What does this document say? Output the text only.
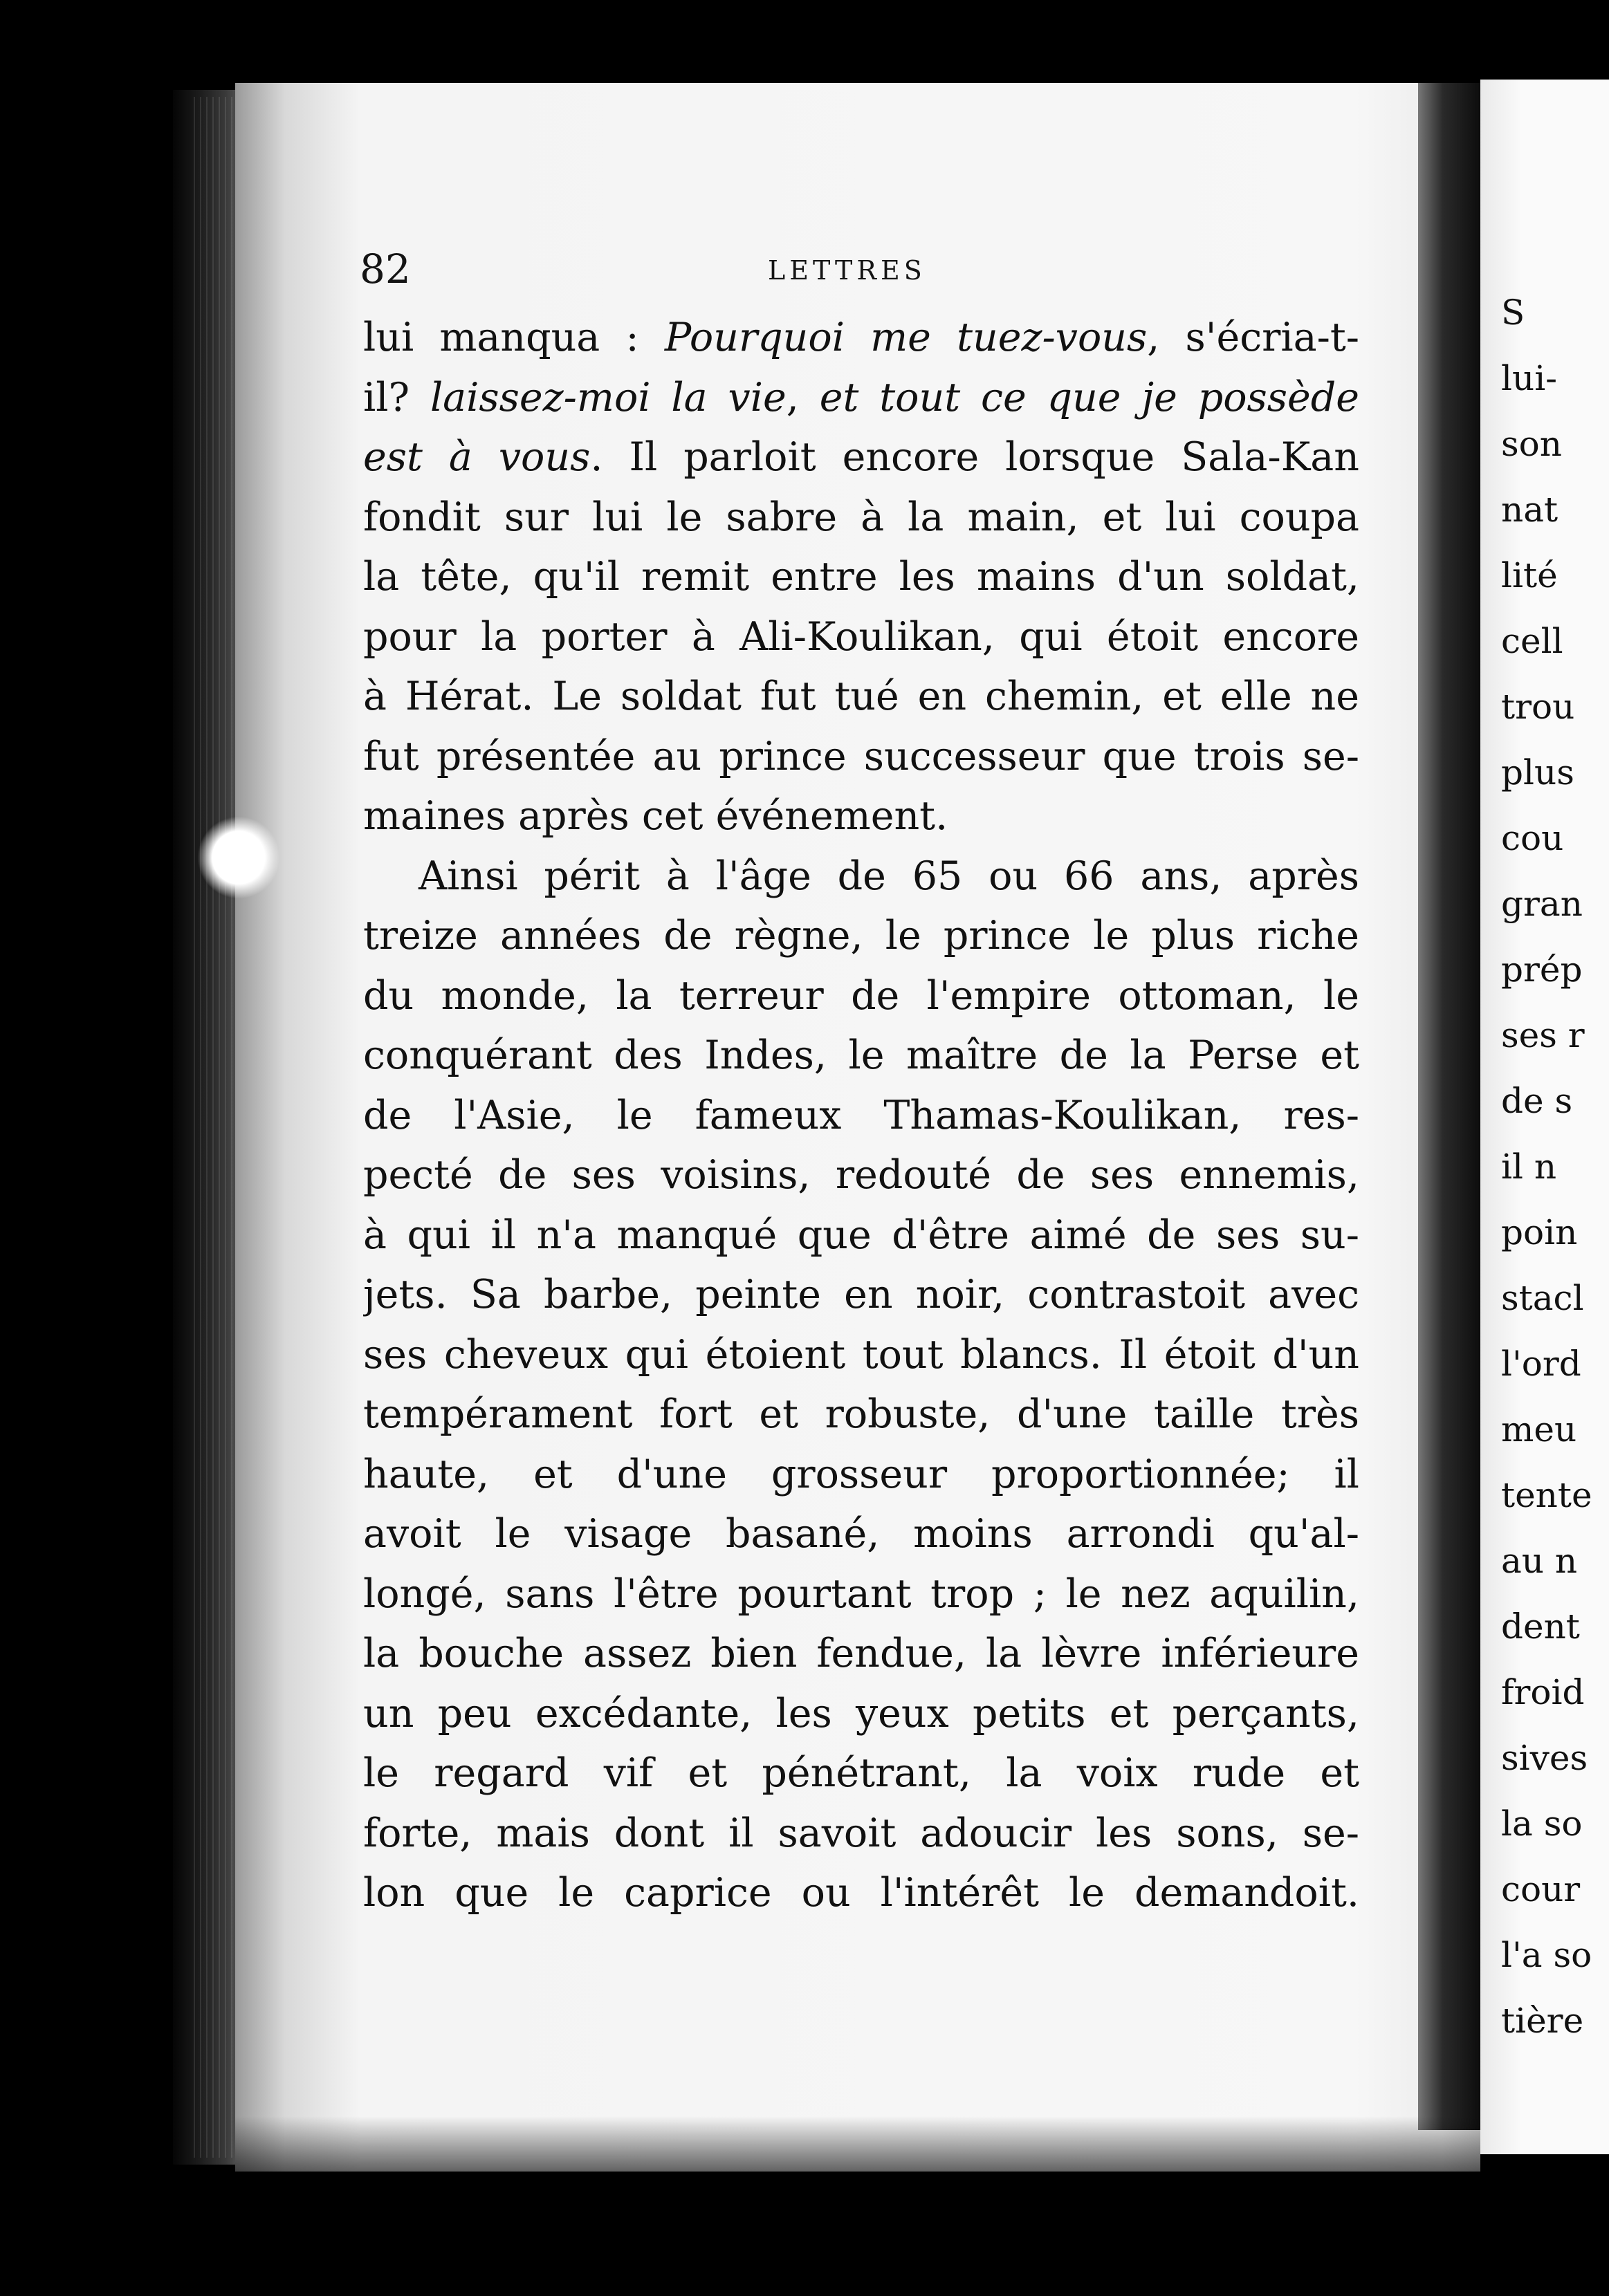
82	LETTRES
lui manqua : Pourquoi me tuez-vous, s'écria-t-
il? laissez-moi la vie, et tout ce que je possède
est à vous. Il parloit encore lorsque Sala-Kan
fondit sur lui le sabre à la main, et lui coupa
la tête, qu'il remit entre les mains d'un soldat,
pour la porter à Ali-Koulikan, qui étoit encore
à Hérat. Le soldat fut tué en chemin, et elle ne
fut présentée au prince successeur que trois se-
maines après cet événement.
Ainsi périt à l'âge de 65 ou 66 ans, après
treize années de règne, le prince le plus riche
du monde, la terreur de l'empire ottoman, le
conquérant des Indes, le maître de la Perse et
de l'Asie, le fameux Thamas-Koulikan, res-
pecté de ses voisins, redouté de ses ennemis,
à qui il n'a manqué que d'être aimé de ses su-
jets. Sa barbe, peinte en noir, contrastoit avec
ses cheveux qui étoient tout blancs. Il étoit d'un
tempérament fort et robuste, d'une taille très
haute, et d'une grosseur proportionnée; il
avoit le visage basané, moins arrondi qu'al-
longé, sans l'être pourtant trop ; le nez aquilin,
la bouche assez bien fendue, la lèvre inférieure
un peu excédante, les yeux petits et perçants,
le regard vif et pénétrant, la voix rude et
forte, mais dont il savoit adoucir les sons, se-
lon que le caprice ou l'intérêt le demandoit.
S
lui-
son
nat
lité
cell
trou
plus
cou
gran
prép
ses r
de s
il n
poin
stacl
l'ord
meu
tente
au n
dent
froid
sives
la so
cour
l'a so
tière
